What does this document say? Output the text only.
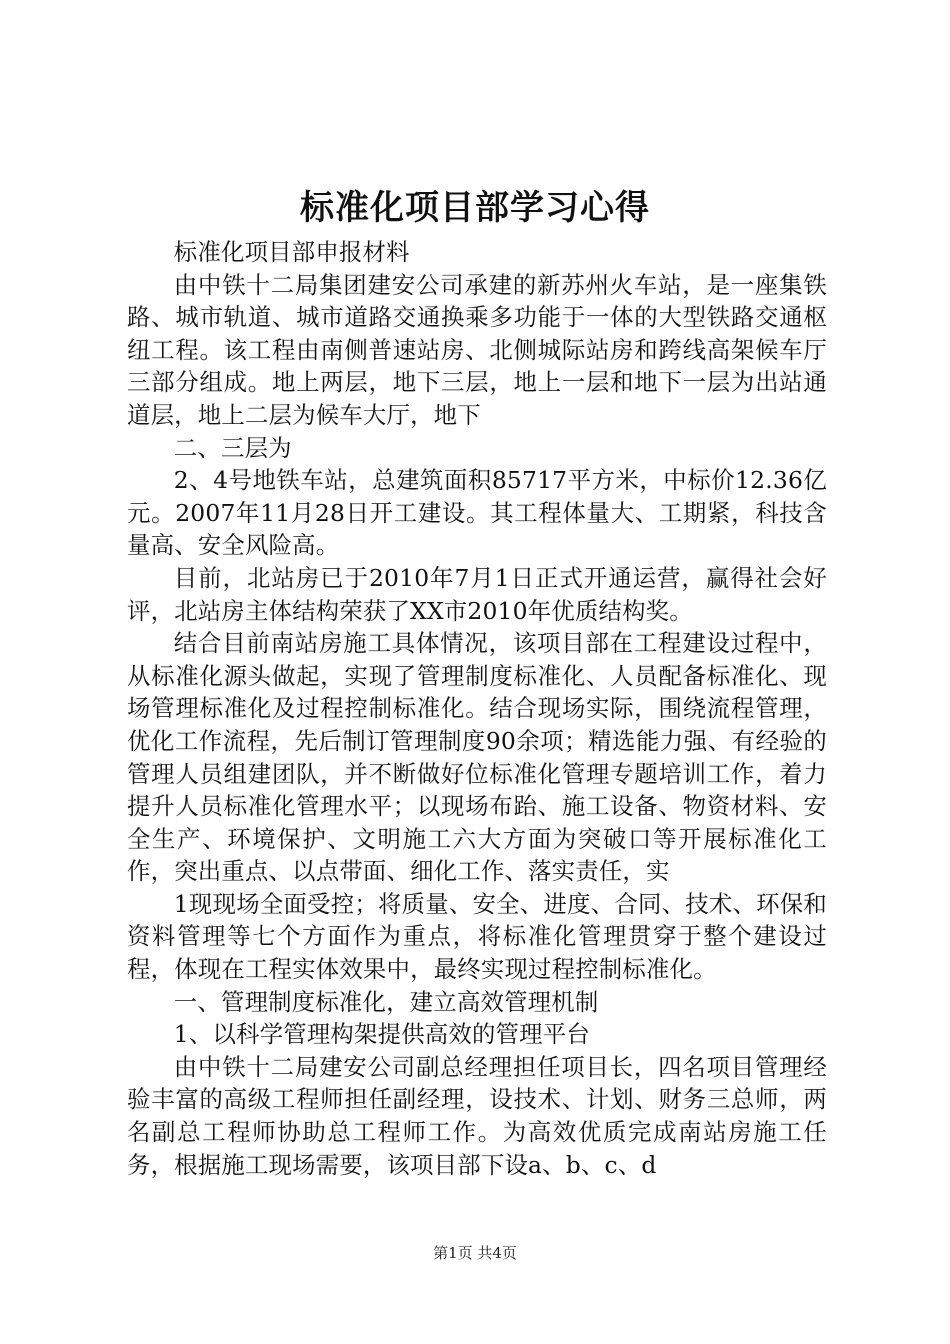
标准化项目部学习心得

标准化项目部申报材料

由中铁十二局集团建安公司承建的新苏州火车站，是一座集铁路、城市轨道、城市道路交通换乘多功能于一体的大型铁路交通枢纽工程。该工程由南侧普速站房、北侧城际站房和跨线高架候车厅三部分组成。地上两层，地下三层，地上一层和地下一层为出站通道层，地上二层为候车大厅，地下

二、三层为

2、4号地铁车站，总建筑面积85717平方米，中标价12.36亿元。2007年11月28日开工建设。其工程体量大、工期紧，科技含量高、安全风险高。

目前，北站房已于2010年7月1日正式开通运营，赢得社会好评，北站房主体结构荣获了XX市2010年优质结构奖。

结合目前南站房施工具体情况，该项目部在工程建设过程中，从标准化源头做起，实现了管理制度标准化、人员配备标准化、现场管理标准化及过程控制标准化。结合现场实际，围绕流程管理，优化工作流程，先后制订管理制度90余项；精选能力强、有经验的管理人员组建团队，并不断做好位标准化管理专题培训工作，着力提升人员标准化管理水平；以现场布跆、施工设备、物资材料、安全生产、环境保护、文明施工六大方面为突破口等开展标准化工作，突出重点、以点带面、细化工作、落实责任，实

1现现场全面受控；将质量、安全、进度、合同、技术、环保和资料管理等七个方面作为重点，将标准化管理贯穿于整个建设过程，体现在工程实体效果中，最终实现过程控制标准化。

一、管理制度标准化，建立高效管理机制

1、以科学管理构架提供高效的管理平台

由中铁十二局建安公司副总经理担任项目长，四名项目管理经验丰富的高级工程师担任副经理，设技术、计划、财务三总师，两名副总工程师协助总工程师工作。为高效优质完成南站房施工任务，根据施工现场需要，该项目部下设a、b、c、d

第1页 共4页
